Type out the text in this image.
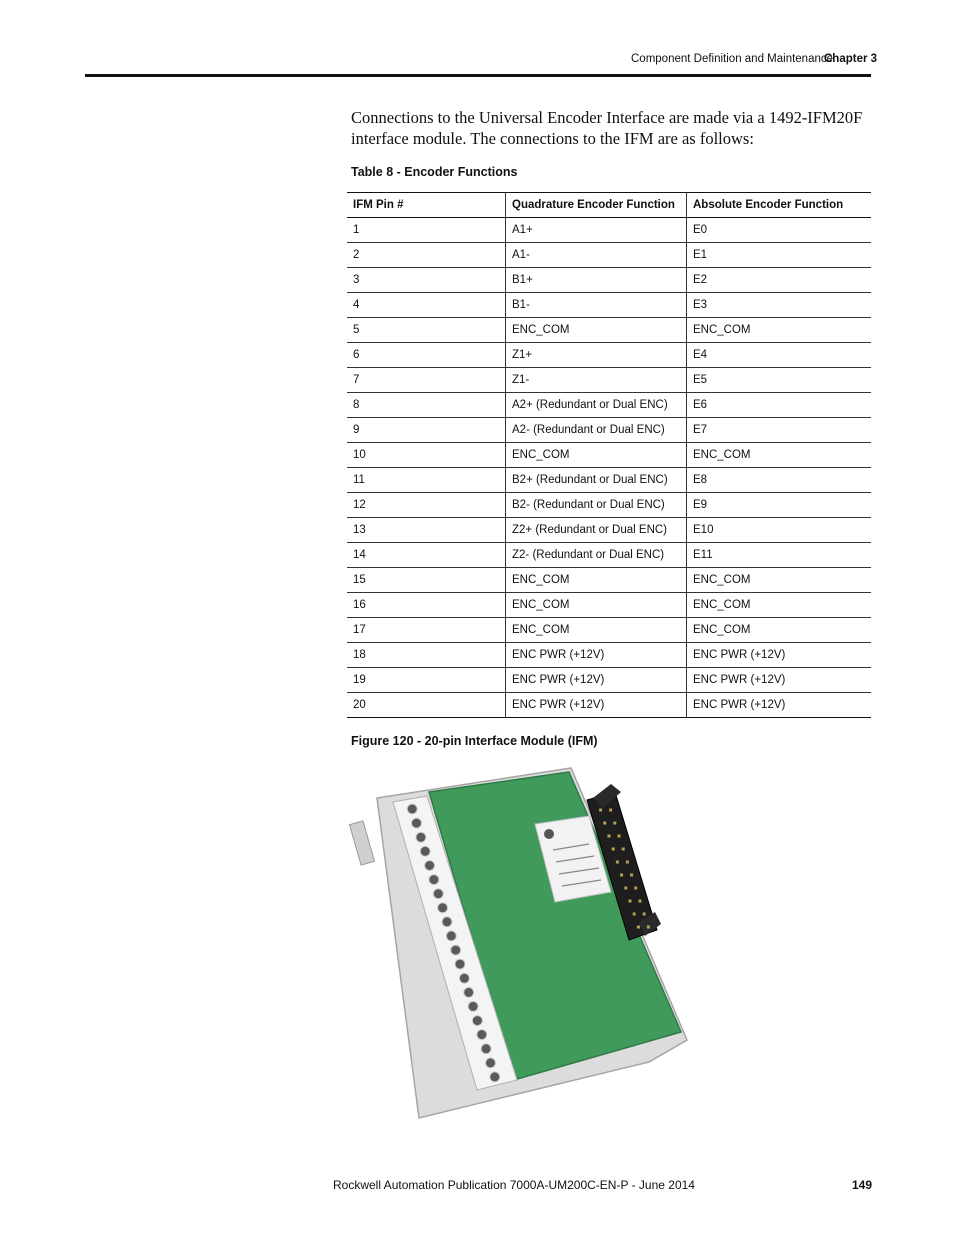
Component Definition and Maintenance
Chapter 3

Connections to the Universal Encoder Interface are made via a 1492-IFM20F interface module. The connections to the IFM are as follows:

Table 8 - Encoder Functions
IFM Pin #	Quadrature Encoder Function	Absolute Encoder Function
1	A1+	E0
2	A1-	E1
3	B1+	E2
4	B1-	E3
5	ENC_COM	ENC_COM
6	Z1+	E4
7	Z1-	E5
8	A2+ (Redundant or Dual ENC)	E6
9	A2- (Redundant or Dual ENC)	E7
10	ENC_COM	ENC_COM
11	B2+ (Redundant or Dual ENC)	E8
12	B2- (Redundant or Dual ENC)	E9
13	Z2+ (Redundant or Dual ENC)	E10
14	Z2- (Redundant or Dual ENC)	E11
15	ENC_COM	ENC_COM
16	ENC_COM	ENC_COM
17	ENC_COM	ENC_COM
18	ENC PWR (+12V)	ENC PWR (+12V)
19	ENC PWR (+12V)	ENC PWR (+12V)
20	ENC PWR (+12V)	ENC PWR (+12V)
Figure 120 - 20-pin Interface Module (IFM)
Rockwell Automation Publication 7000A-UM200C-EN-P - June 2014	149
